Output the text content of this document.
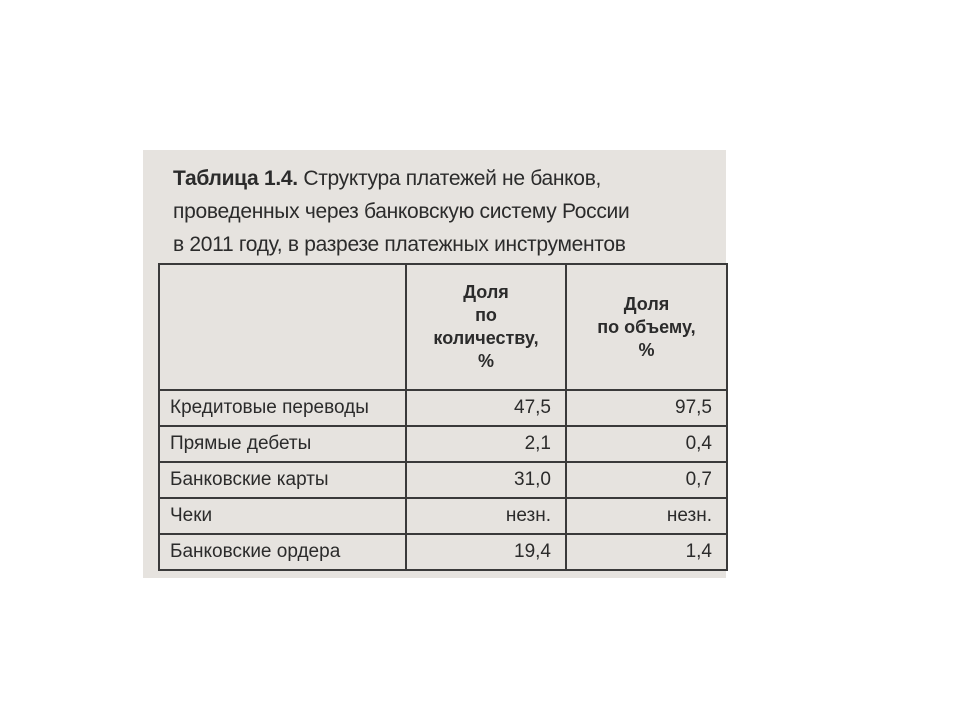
Таблица 1.4. Структура платежей не банков,
проведенных через банковскую систему России
в 2011 году, в разрезе платежных инструментов

	Доля
по
количеству,
%	Доля
по объему,
%

Кредитовые переводы	47,5	97,5
Прямые дебеты	2,1	0,4
Банковские карты	31,0	0,7
Чеки	незн.	незн.
Банковские ордера	19,4	1,4
